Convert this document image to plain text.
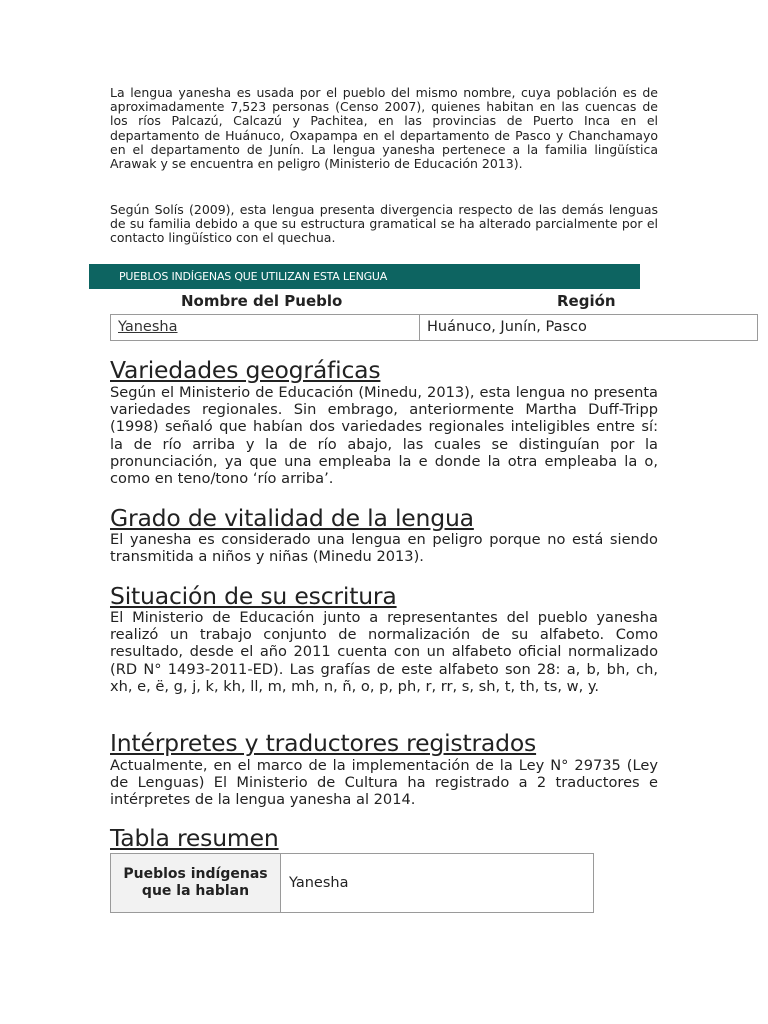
La lengua yanesha es usada por el pueblo del mismo nombre, cuya población es de aproximadamente 7,523 personas (Censo 2007), quienes habitan en las cuencas de los ríos Palcazú, Calcazú y Pachitea, en las provincias de Puerto Inca en el departamento de Huánuco, Oxapampa en el departamento de Pasco y Chanchamayo en el departamento de Junín. La lengua yanesha pertenece a la familia lingüística Arawak y se encuentra en peligro (Ministerio de Educación 2013).

Según Solís (2009), esta lengua presenta divergencia respecto de las demás lenguas de su familia debido a que su estructura gramatical se ha alterado parcialmente por el contacto lingüístico con el quechua.

PUEBLOS INDÍGENAS QUE UTILIZAN ESTA LENGUA
Nombre del Pueblo	Región
Yanesha	Huánuco, Junín, Pasco
Variedades geográficas

Según el Ministerio de Educación (Minedu, 2013), esta lengua no presenta variedades regionales. Sin embrago, anteriormente Martha Duff-Tripp (1998) señaló que habían dos variedades regionales inteligibles entre sí: la de río arriba y la de río abajo, las cuales se distinguían por la pronunciación, ya que una empleaba la e donde la otra empleaba la o, como en teno/tono ‘río arriba’.

Grado de vitalidad de la lengua

El yanesha es considerado una lengua en peligro porque no está siendo transmitida a niños y niñas (Minedu 2013).

Situación de su escritura

El Ministerio de Educación junto a representantes del pueblo yanesha realizó un trabajo conjunto de normalización de su alfabeto. Como resultado, desde el año 2011 cuenta con un alfabeto oficial normalizado (RD N° 1493-2011-ED). Las grafías de este alfabeto son 28: a, b, bh, ch, xh, e, ë, g, j, k, kh, ll, m, mh, n, ñ, o, p, ph, r, rr, s, sh, t, th, ts, w, y.

Intérpretes y traductores registrados

Actualmente, en el marco de la implementación de la Ley N° 29735 (Ley de Lenguas) El Ministerio de Cultura ha registrado a 2 traductores e intérpretes de la lengua yanesha al 2014.

Tabla resumen
Pueblos indígenas que la hablan	Yanesha
